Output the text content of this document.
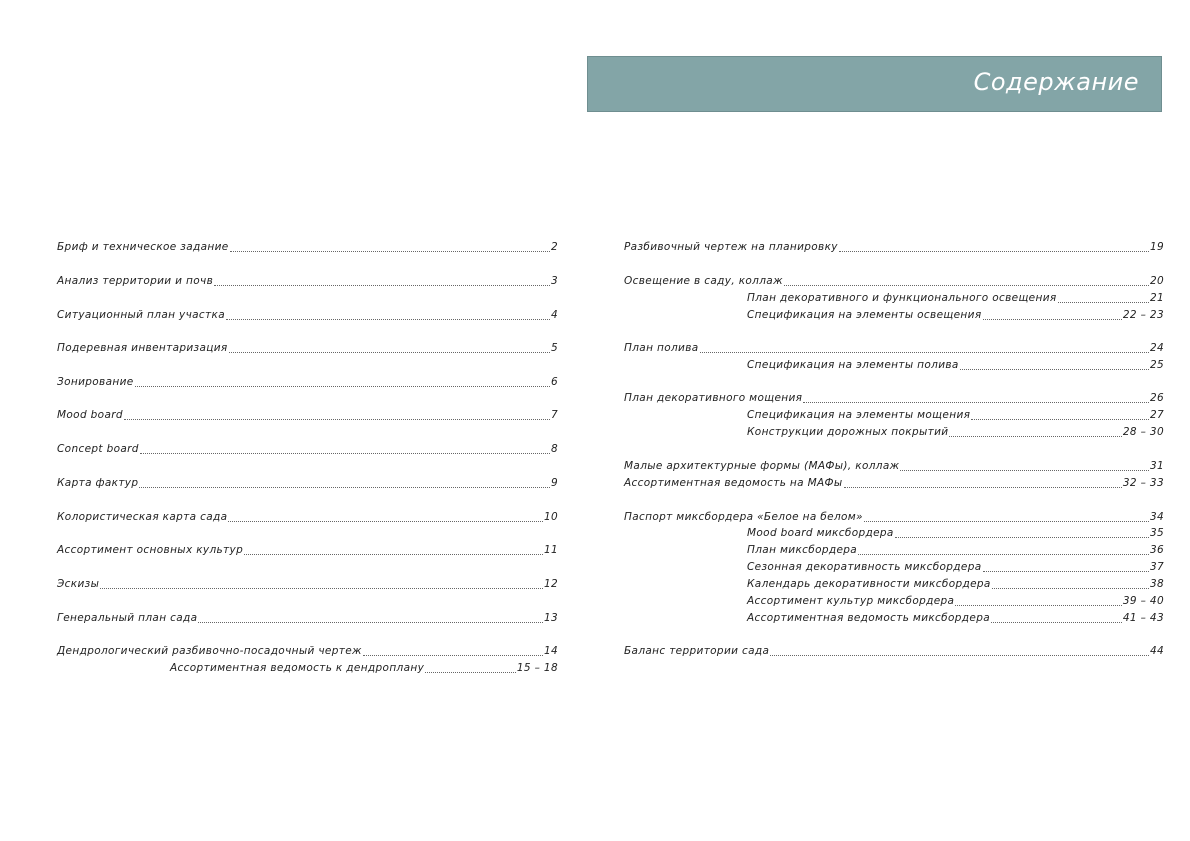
Содержание
Бриф и техническое задание	2
Анализ территории и почв	3
Ситуационный план участка	4
Подеревная инвентаризация	5
Зонирование	6
Mood board	7
Concept board	8
Карта фактур	9
Колористическая карта сада	10
Ассортимент основных культур	11
Эскизы	12
Генеральный план сада	13
Дендрологический разбивочно-посадочный чертеж	14
Ассортиментная ведомость к дендроплану	15 – 18
Разбивочный чертеж на планировку	19
Освещение в саду, коллаж	20
План декоративного и функционального освещения	21
Спецификация на элементы освещения	22 – 23
План полива	24
Спецификация на элементы полива	25
План декоративного мощения	26
Спецификация на элементы мощения	27
Конструкции дорожных покрытий	28 – 30
Малые архитектурные формы (МАФы), коллаж	31
Ассортиментная ведомость на МАФы	32 – 33
Паспорт миксбордера «Белое на белом»	34
Mood board миксбордера	35
План миксбордера	36
Сезонная декоративность миксбордера	37
Календарь декоративности миксбордера	38
Ассортимент культур миксбордера	39 – 40
Ассортиментная ведомость миксбордера	41 – 43
Баланс территории сада	44
